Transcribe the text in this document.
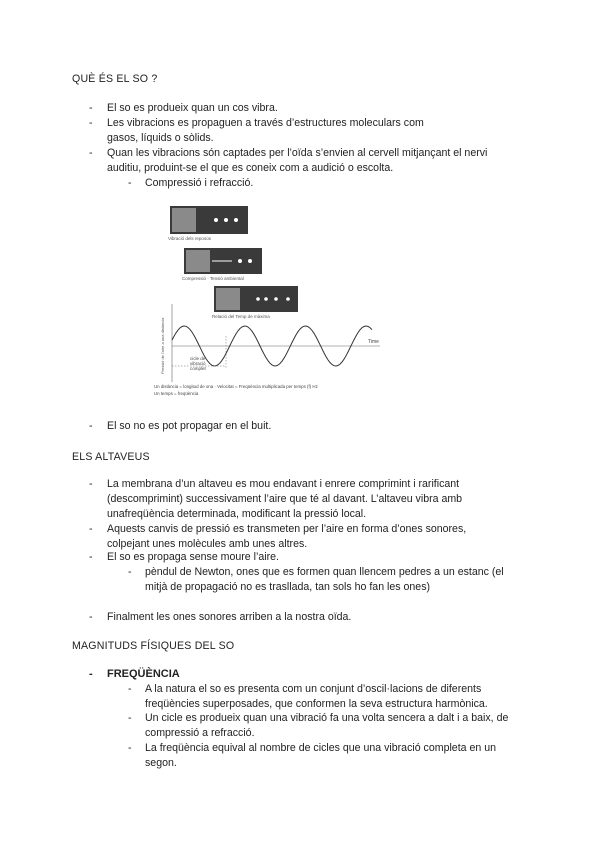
QUÈ ÉS EL SO ?
- El so es produeix quan un cos vibra.
- Les vibracions es propaguen a través d’estructures moleculars com
gasos, líquids o sòlids.
- Quan les vibracions són captades per l’oïda s’envien al cervell mitjançant el nervi
auditiu, produint-se el que es coneix com a audició o escolta.
- Compressió i refracció.
Vibració dels reposos
Compressió · Tensió ambiental
Relació del Temp de màxima
Pressió de l'aire a una distància	Time
cicle de
vibració
complet
Un distància = longitud de ona · Velocitat = Freqüència multiplicada per temps (f) Hz
Un temps = freqüència
- El so no es pot propagar en el buit.
ELS ALTAVEUS
- La membrana d’un altaveu es mou endavant i enrere comprimint i rarificant
(descomprimint) successivament l’aire que té al davant. L’altaveu vibra amb
unafreqüència determinada, modificant la pressió local.
- Aquests canvis de pressió es transmeten per l’aire en forma d’ones sonores,
colpejant unes molècules amb unes altres.
- El so es propaga sense moure l’aire.
- pèndul de Newton, ones que es formen quan llencem pedres a un estanc (el
mitjà de propagació no es trasllada, tan sols ho fan les ones)
- Finalment les ones sonores arriben a la nostra oïda.
MAGNITUDS FÍSIQUES DEL SO
- FREQÜÈNCIA
- A la natura el so es presenta com un conjunt d’oscil·lacions de diferents
freqüències superposades, que conformen la seva estructura harmònica.
- Un cicle es produeix quan una vibració fa una volta sencera a dalt i a baix, de
compressió a refracció.
- La freqüència equival al nombre de cicles que una vibració completa en un
segon.
